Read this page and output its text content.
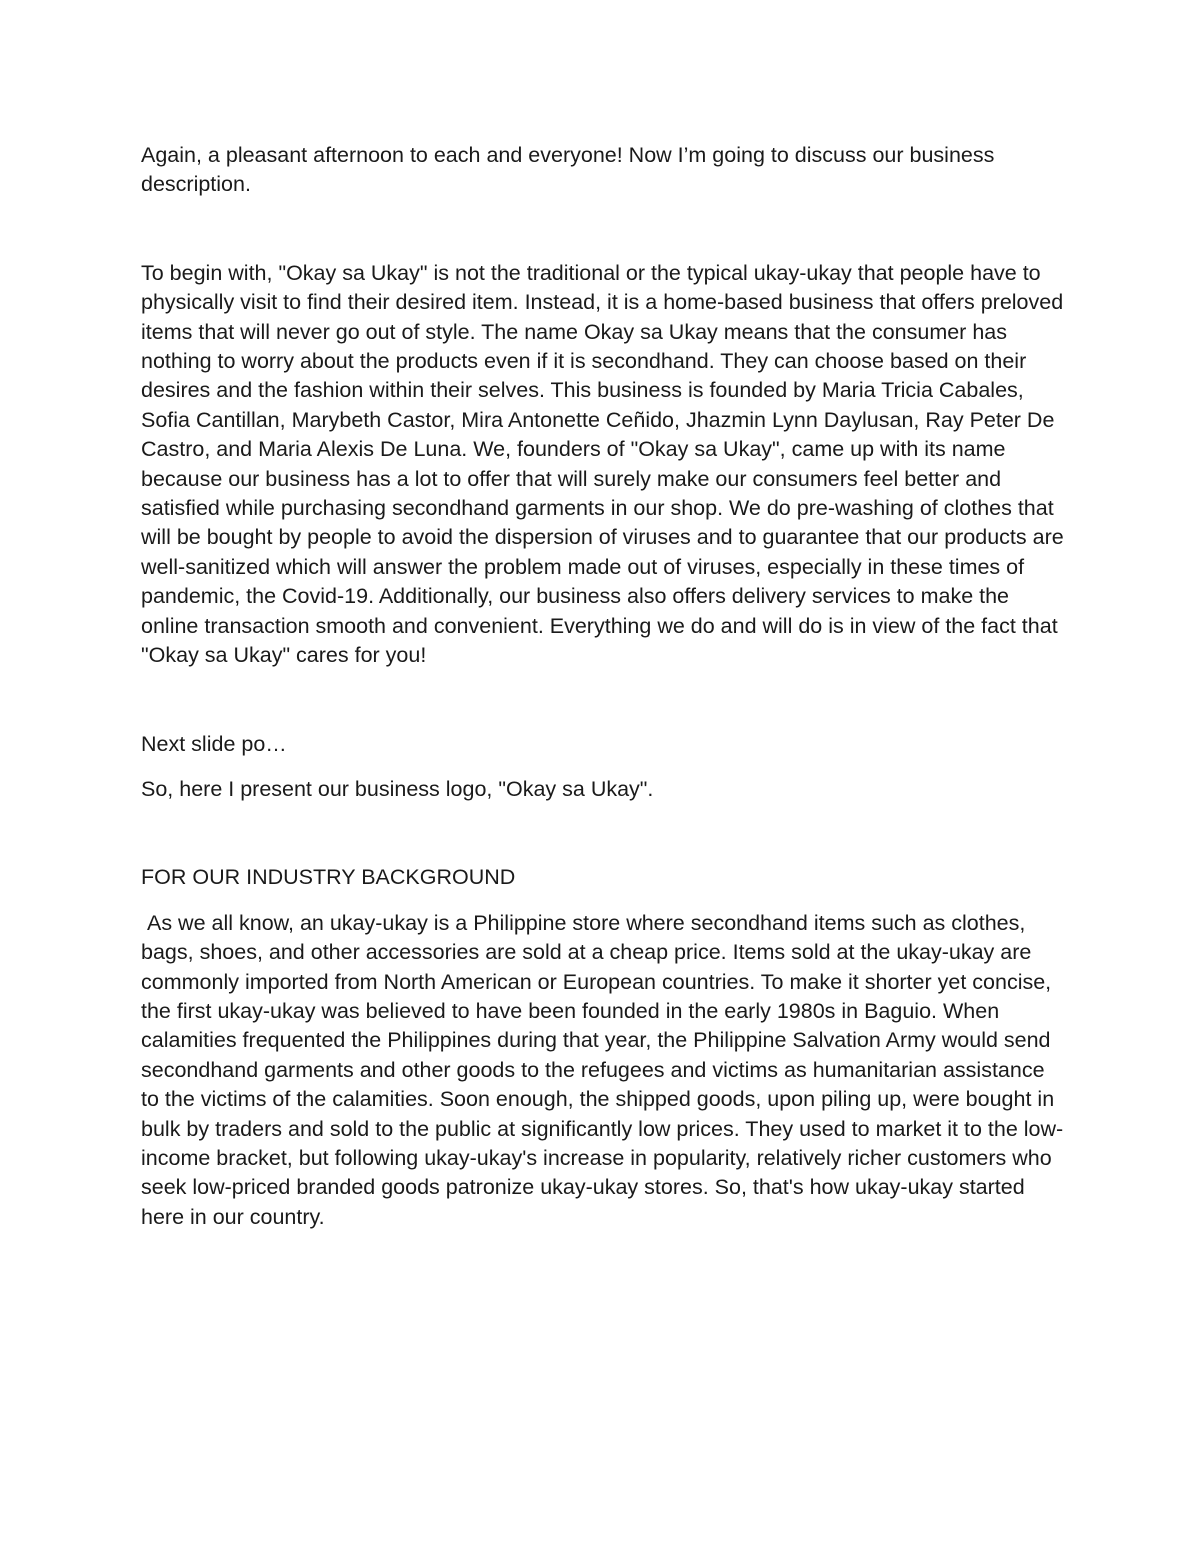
Again, a pleasant afternoon to each and everyone! Now I’m going to discuss our business description.

To begin with, "Okay sa Ukay" is not the traditional or the typical ukay-ukay that people have to physically visit to find their desired item. Instead, it is a home-based business that offers preloved items that will never go out of style. The name Okay sa Ukay means that the consumer has nothing to worry about the products even if it is secondhand. They can choose based on their desires and the fashion within their selves. This business is founded by Maria Tricia Cabales, Sofia Cantillan, Marybeth Castor, Mira Antonette Ceñido, Jhazmin Lynn Daylusan, Ray Peter De Castro, and Maria Alexis De Luna. We, founders of "Okay sa Ukay", came up with its name because our business has a lot to offer that will surely make our consumers feel better and satisfied while purchasing secondhand garments in our shop. We do pre-washing of clothes that will be bought by people to avoid the dispersion of viruses and to guarantee that our products are well-sanitized which will answer the problem made out of viruses, especially in these times of pandemic, the Covid-19. Additionally, our business also offers delivery services to make the online transaction smooth and convenient. Everything we do and will do is in view of the fact that "Okay sa Ukay" cares for you!

Next slide po…

So, here I present our business logo, "Okay sa Ukay".

FOR OUR INDUSTRY BACKGROUND

As we all know, an ukay-ukay is a Philippine store where secondhand items such as clothes, bags, shoes, and other accessories are sold at a cheap price. Items sold at the ukay-ukay are commonly imported from North American or European countries. To make it shorter yet concise, the first ukay-ukay was believed to have been founded in the early 1980s in Baguio. When calamities frequented the Philippines during that year, the Philippine Salvation Army would send secondhand garments and other goods to the refugees and victims as humanitarian assistance to the victims of the calamities. Soon enough, the shipped goods, upon piling up, were bought in bulk by traders and sold to the public at significantly low prices. They used to market it to the low-income bracket, but following ukay-ukay's increase in popularity, relatively richer customers who seek low-priced branded goods patronize ukay-ukay stores. So, that's how ukay-ukay started here in our country.
